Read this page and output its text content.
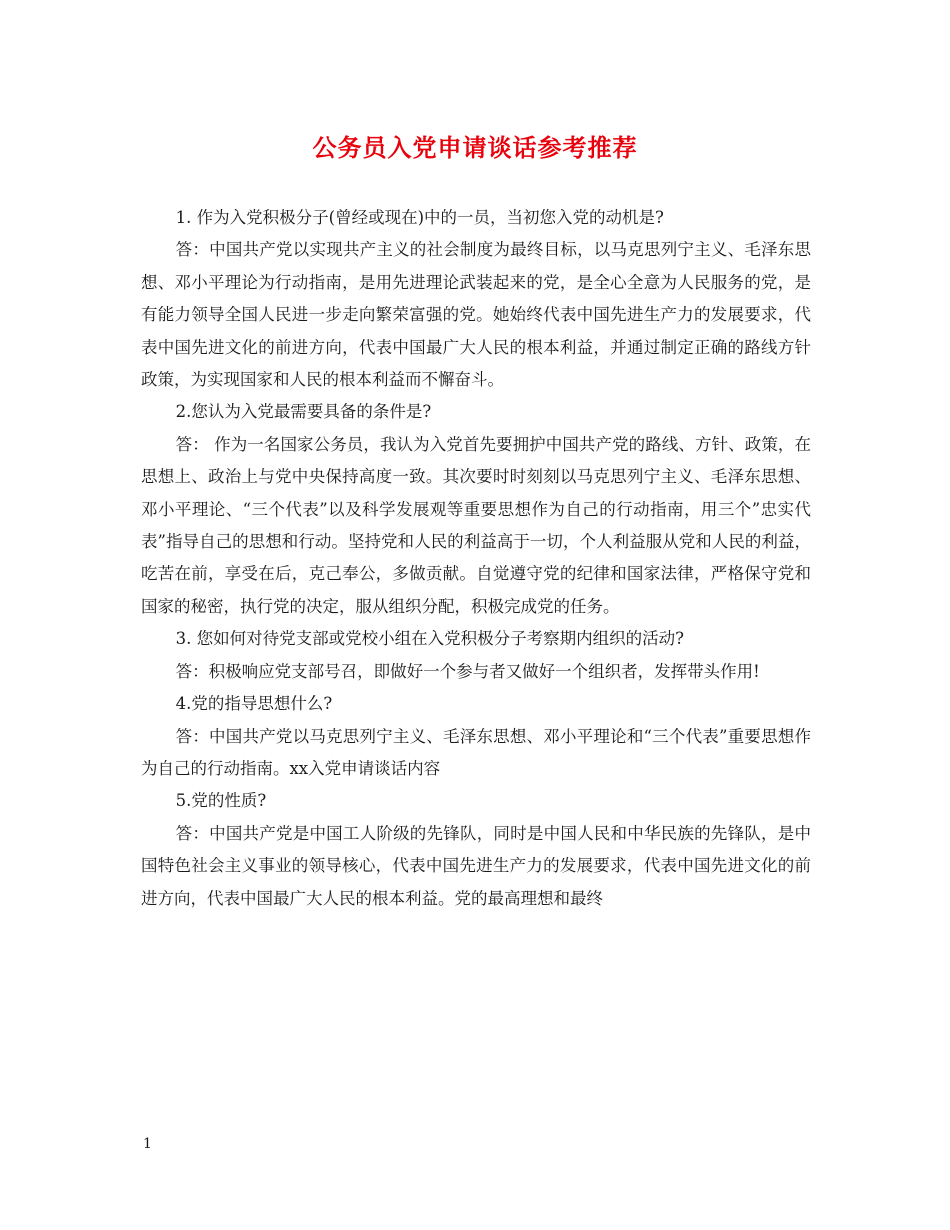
公务员入党申请谈话参考推荐

1. 作为入党积极分子(曾经或现在)中的一员，当初您入党的动机是?

答：中国共产党以实现共产主义的社会制度为最终目标，以马克思列宁主义、毛泽东思想、邓小平理论为行动指南，是用先进理论武装起来的党，是全心全意为人民服务的党，是有能力领导全国人民进一步走向繁荣富强的党。她始终代表中国先进生产力的发展要求，代表中国先进文化的前进方向，代表中国最广大人民的根本利益，并通过制定正确的路线方针政策，为实现国家和人民的根本利益而不懈奋斗。

2.您认为入党最需要具备的条件是?

答： 作为一名国家公务员，我认为入党首先要拥护中国共产党的路线、方针、政策，在思想上、政治上与党中央保持高度一致。其次要时时刻刻以马克思列宁主义、毛泽东思想、邓小平理论、“三个代表”以及科学发展观等重要思想作为自己的行动指南，用三个”忠实代表”指导自己的思想和行动。坚持党和人民的利益高于一切，个人利益服从党和人民的利益，吃苦在前，享受在后，克己奉公，多做贡献。自觉遵守党的纪律和国家法律，严格保守党和国家的秘密，执行党的决定，服从组织分配，积极完成党的任务。

3. 您如何对待党支部或党校小组在入党积极分子考察期内组织的活动?

答：积极响应党支部号召，即做好一个参与者又做好一个组织者，发挥带头作用!

4.党的指导思想什么?

答：中国共产党以马克思列宁主义、毛泽东思想、邓小平理论和“三个代表”重要思想作为自己的行动指南。xx入党申请谈话内容

5.党的性质?

答：中国共产党是中国工人阶级的先锋队，同时是中国人民和中华民族的先锋队，是中国特色社会主义事业的领导核心，代表中国先进生产力的发展要求，代表中国先进文化的前进方向，代表中国最广大人民的根本利益。党的最高理想和最终

1
